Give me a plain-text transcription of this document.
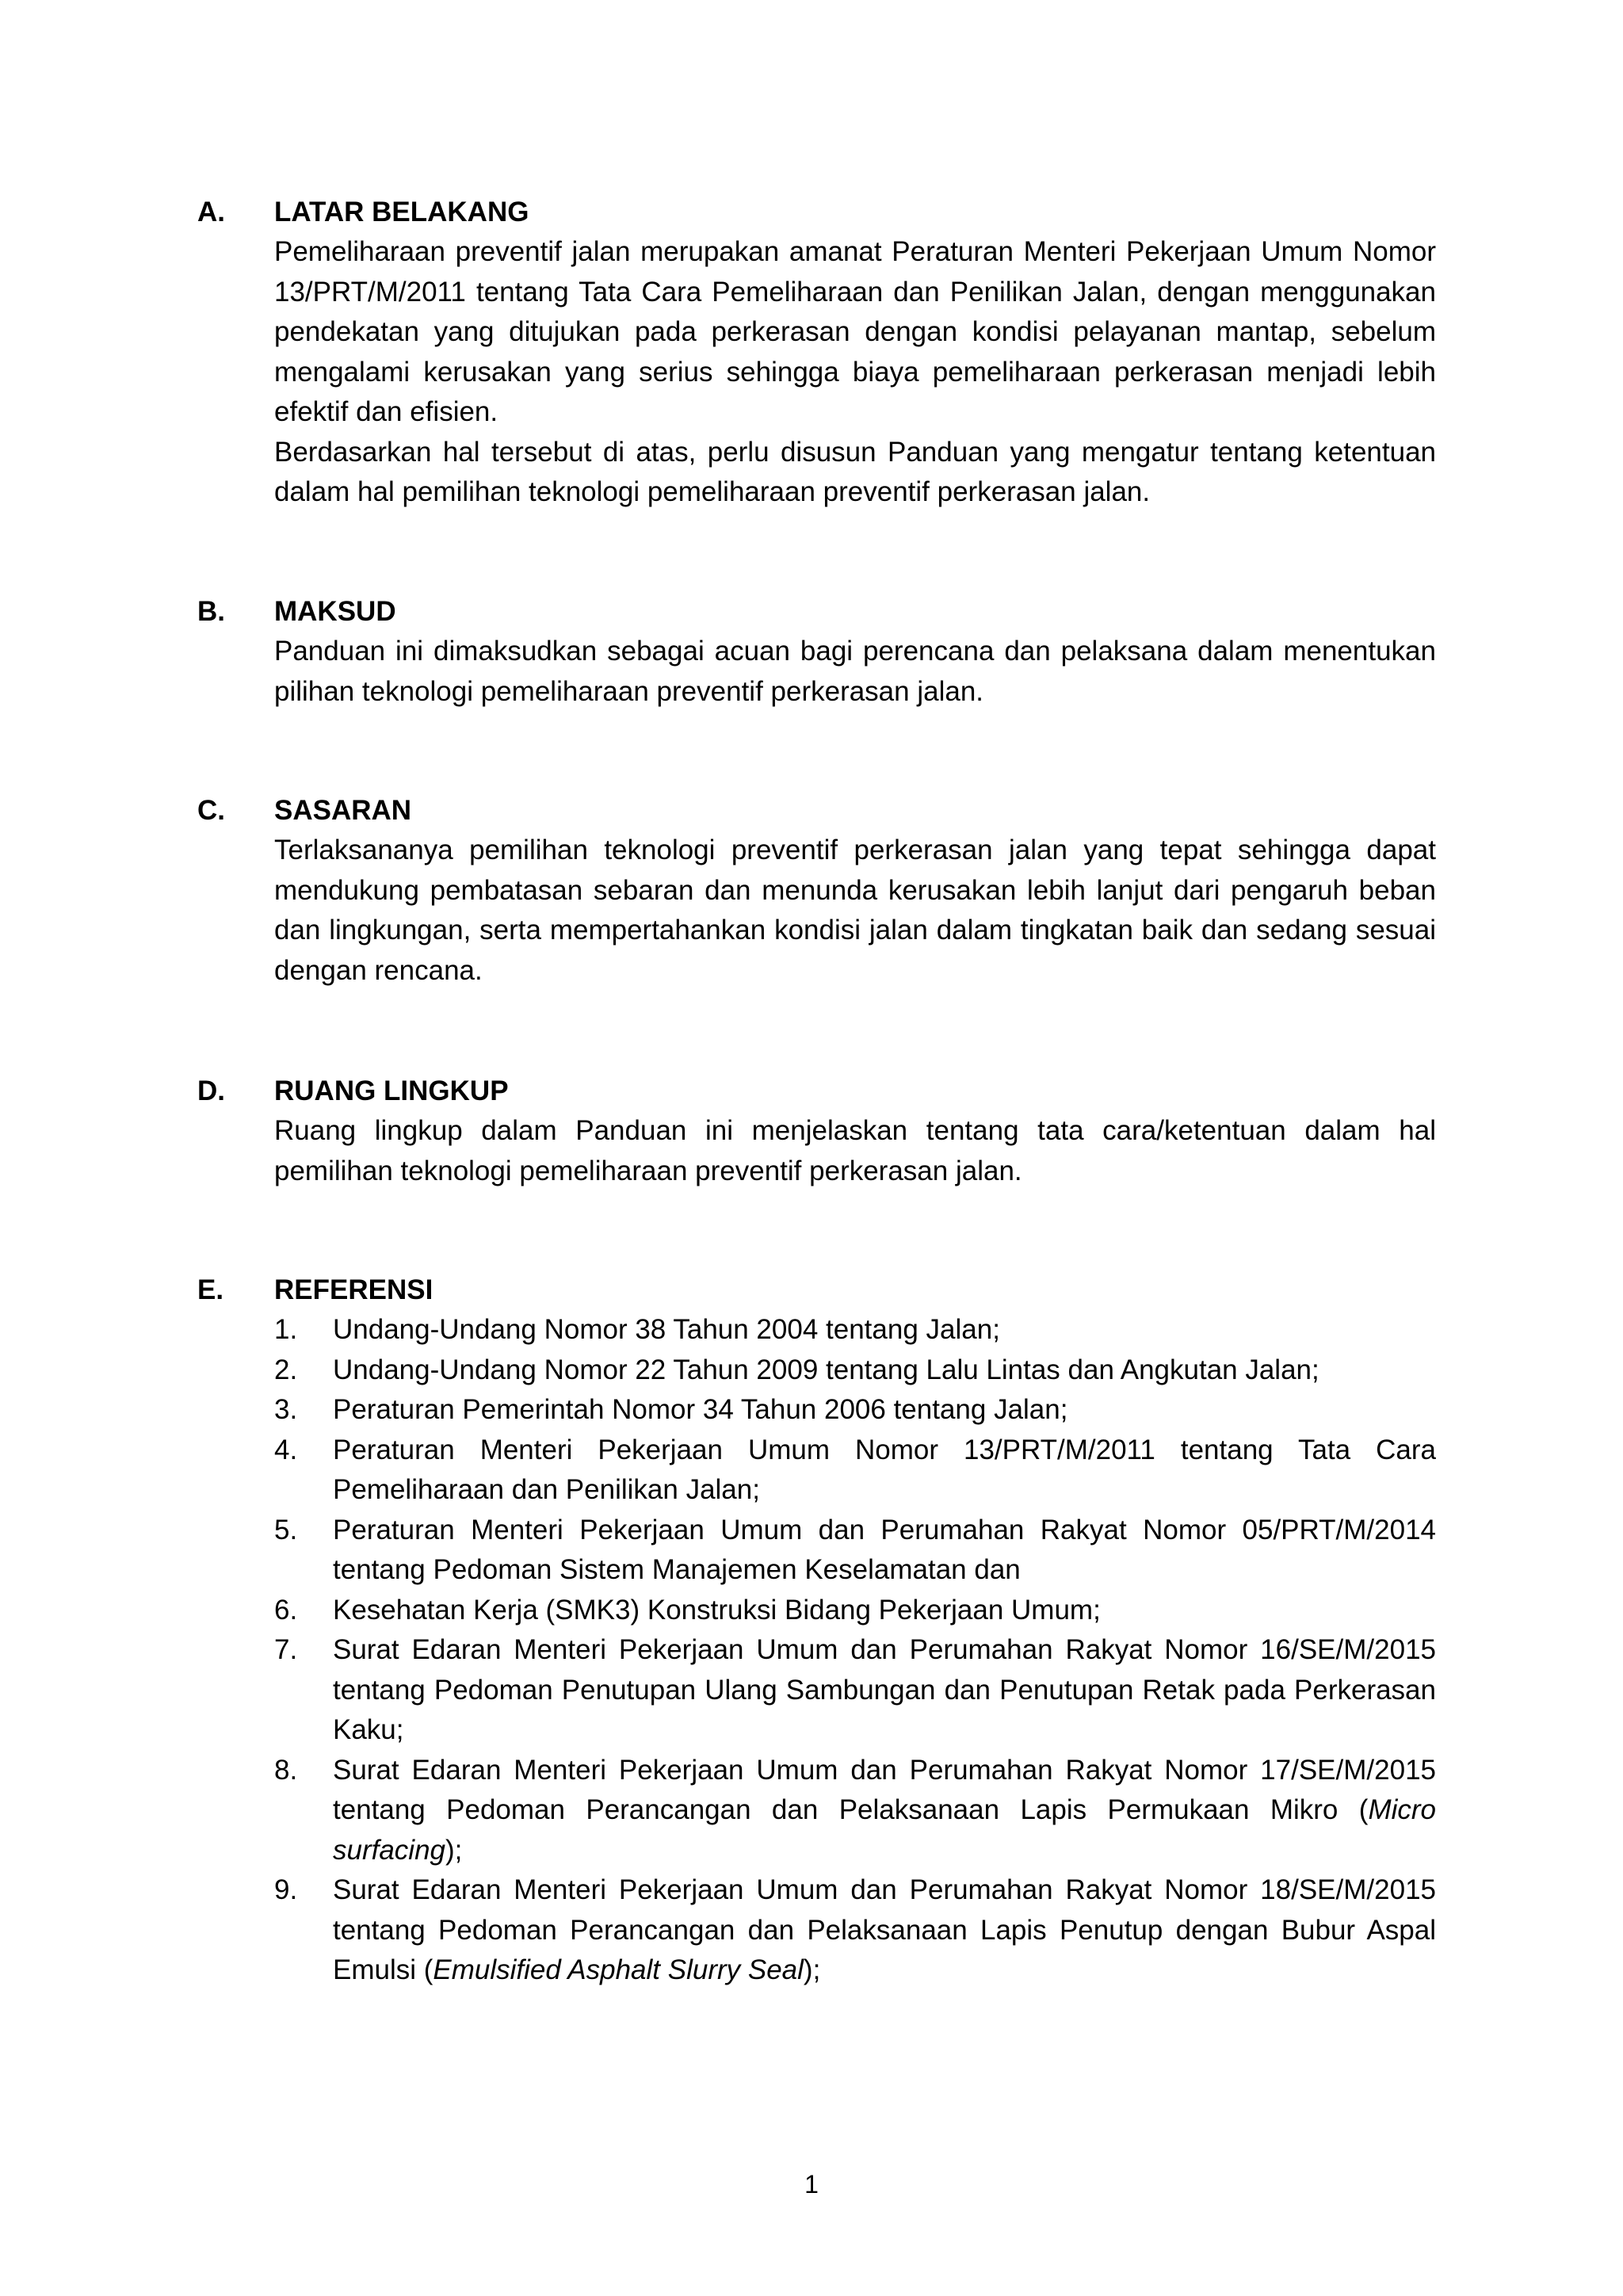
A. LATAR BELAKANG

Pemeliharaan preventif jalan merupakan amanat Peraturan Menteri Pekerjaan Umum Nomor 13/PRT/M/2011 tentang Tata Cara Pemeliharaan dan Penilikan Jalan, dengan menggunakan pendekatan yang ditujukan pada perkerasan dengan kondisi pelayanan mantap, sebelum mengalami kerusakan yang serius sehingga biaya pemeliharaan perkerasan menjadi lebih efektif dan efisien.

Berdasarkan hal tersebut di atas, perlu disusun Panduan yang mengatur tentang ketentuan dalam hal pemilihan teknologi pemeliharaan preventif perkerasan jalan.

B. MAKSUD

Panduan ini dimaksudkan sebagai acuan bagi perencana dan pelaksana dalam menentukan pilihan teknologi pemeliharaan preventif perkerasan jalan.

C. SASARAN

Terlaksananya pemilihan teknologi preventif perkerasan jalan yang tepat sehingga dapat mendukung pembatasan sebaran dan menunda kerusakan lebih lanjut dari pengaruh beban dan lingkungan, serta mempertahankan kondisi jalan dalam tingkatan baik dan sedang sesuai dengan rencana.

D. RUANG LINGKUP

Ruang lingkup dalam Panduan ini menjelaskan tentang tata cara/ketentuan dalam hal pemilihan teknologi pemeliharaan preventif perkerasan jalan.

E. REFERENSI
1. Undang-Undang Nomor 38 Tahun 2004 tentang Jalan;
2. Undang-Undang Nomor 22 Tahun 2009 tentang Lalu Lintas dan Angkutan Jalan;
3. Peraturan Pemerintah Nomor 34 Tahun 2006 tentang Jalan;
4. Peraturan Menteri Pekerjaan Umum Nomor 13/PRT/M/2011 tentang Tata Cara Pemeliharaan dan Penilikan Jalan;
5. Peraturan Menteri Pekerjaan Umum dan Perumahan Rakyat Nomor 05/PRT/M/2014 tentang Pedoman Sistem Manajemen Keselamatan dan
6. Kesehatan Kerja (SMK3) Konstruksi Bidang Pekerjaan Umum;
7. Surat Edaran Menteri Pekerjaan Umum dan Perumahan Rakyat Nomor 16/SE/M/2015 tentang Pedoman Penutupan Ulang Sambungan dan Penutupan Retak pada Perkerasan Kaku;
8. Surat Edaran Menteri Pekerjaan Umum dan Perumahan Rakyat Nomor 17/SE/M/2015 tentang Pedoman Perancangan dan Pelaksanaan Lapis Permukaan Mikro (Micro surfacing);
9. Surat Edaran Menteri Pekerjaan Umum dan Perumahan Rakyat Nomor 18/SE/M/2015 tentang Pedoman Perancangan dan Pelaksanaan Lapis Penutup dengan Bubur Aspal Emulsi (Emulsified Asphalt Slurry Seal);
1
